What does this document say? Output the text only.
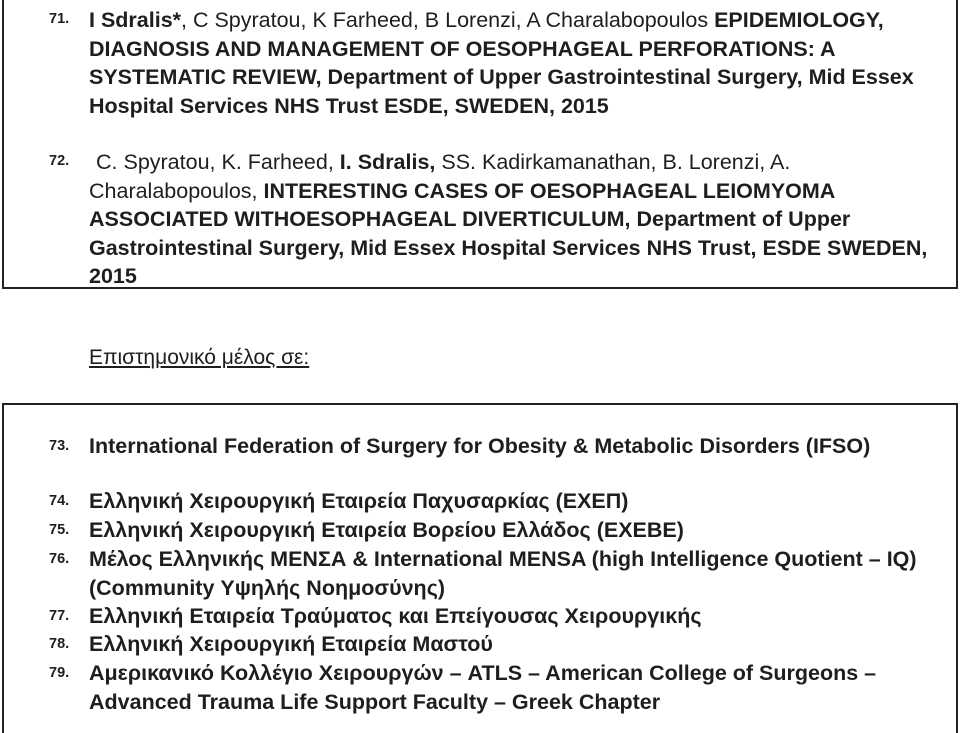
71. I Sdralis*, C Spyratou, K Farheed, B Lorenzi, A Charalabopoulos EPIDEMIOLOGY, DIAGNOSIS AND MANAGEMENT OF OESOPHAGEAL PERFORATIONS: A SYSTEMATIC REVIEW, Department of Upper Gastrointestinal Surgery, Mid Essex Hospital Services NHS Trust ESDE, SWEDEN, 2015
72.	C. Spyratou, K. Farheed, I. Sdralis, SS. Kadirkamanathan, B. Lorenzi, A. Charalabopoulos, INTERESTING CASES OF OESOPHAGEAL LEIOMYOMA ASSOCIATED WITHOESOPHAGEAL DIVERTICULUM, Department of Upper Gastrointestinal Surgery, Mid Essex Hospital Services NHS Trust, ESDE SWEDEN, 2015
Επιστημονικό μέλος σε:
73. International Federation of Surgery for Obesity & Metabolic Disorders (IFSO)
74. Ελληνική Χειρουργική Εταιρεία Παχυσαρκίας (ΕΧΕΠ)
75. Ελληνική Χειρουργική Εταιρεία Βορείου Ελλάδος (ΕΧΕΒΕ)
76. Μέλος Ελληνικής ΜΕΝΣΑ & International MENSA (high Intelligence Quotient – IQ) (Community Υψηλής Νοημοσύνης)
77. Ελληνική Εταιρεία Τραύματος και Επείγουσας Χειρουργικής
78. Ελληνική Χειρουργική Εταιρεία Μαστού
79. Αμερικανικό Κολλέγιο Χειρουργών – ATLS – American College of Surgeons – Advanced Trauma Life Support Faculty – Greek Chapter
